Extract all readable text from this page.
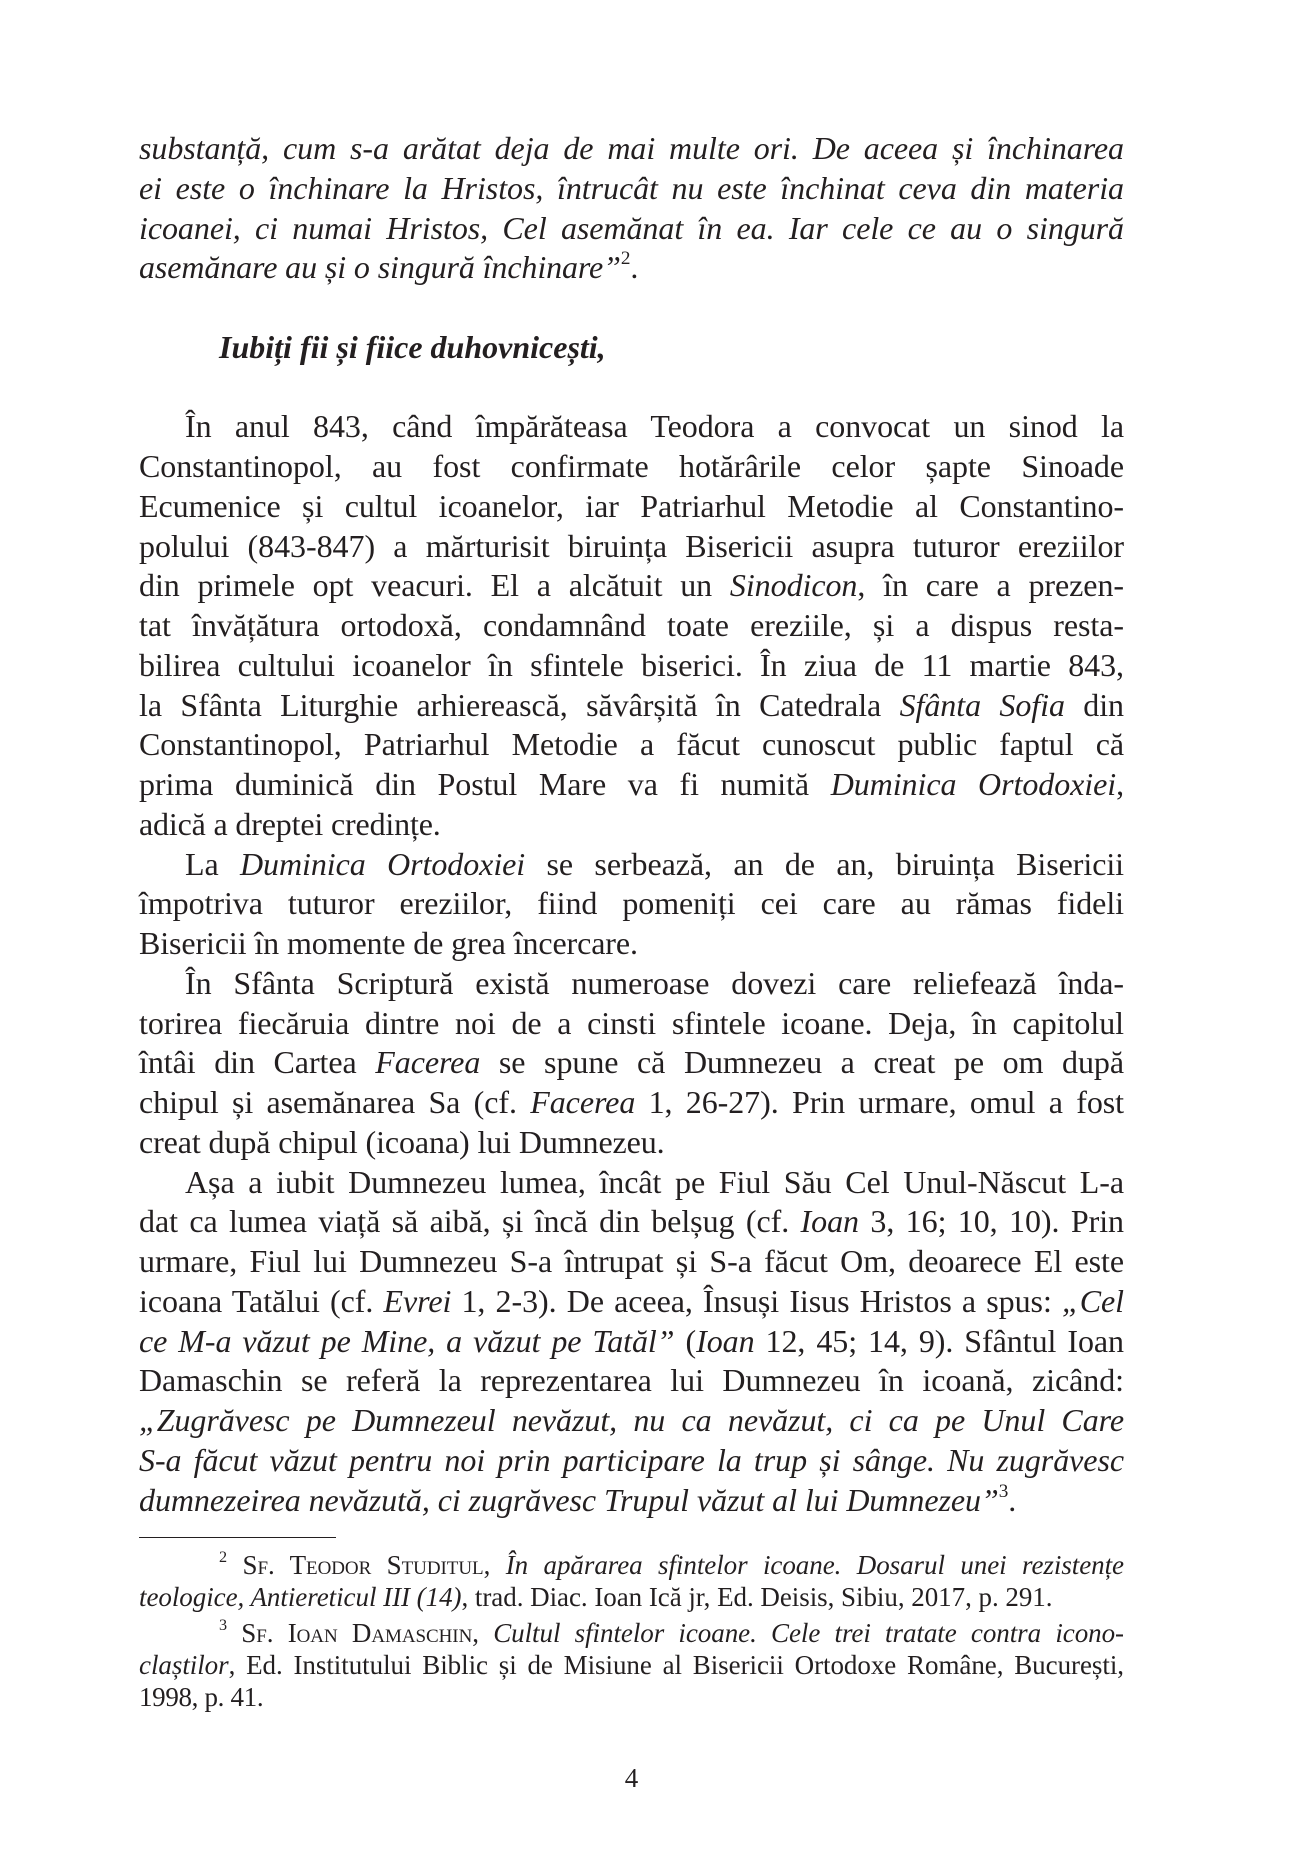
substanță, cum s-a arătat deja de mai multe ori. De aceea și închinarea
ei este o închinare la Hristos, întrucât nu este închinat ceva din materia
icoanei, ci numai Hristos, Cel asemănat în ea. Iar cele ce au o singură
asemănare au și o singură închinare”$^2$.
Iubiți fii și fiice duhovnicești,
În anul 843, când împărăteasa Teodora a convocat un sinod la
Constantinopol, au fost confirmate hotărârile celor șapte Sinoade
Ecumenice și cultul icoanelor, iar Patriarhul Metodie al Constantino-
polului (843-847) a mărturisit biruința Bisericii asupra tuturor ereziilor
din primele opt veacuri. El a alcătuit un Sinodicon, în care a prezen-
tat învățătura ortodoxă, condamnând toate ereziile, și a dispus resta-
bilirea cultului icoanelor în sfintele biserici. În ziua de 11 martie 843,
la Sfânta Liturghie arhierească, săvârșită în Catedrala Sfânta Sofia din
Constantinopol, Patriarhul Metodie a făcut cunoscut public faptul că
prima duminică din Postul Mare va fi numită Duminica Ortodoxiei,
adică a dreptei credințe.
La Duminica Ortodoxiei se serbează, an de an, biruința Bisericii
împotriva tuturor ereziilor, fiind pomeniți cei care au rămas fideli
Bisericii în momente de grea încercare.
În Sfânta Scriptură există numeroase dovezi care reliefează înda-
torirea fiecăruia dintre noi de a cinsti sfintele icoane. Deja, în capitolul
întâi din Cartea Facerea se spune că Dumnezeu a creat pe om după
chipul și asemănarea Sa (cf. Facerea 1, 26-27). Prin urmare, omul a fost
creat după chipul (icoana) lui Dumnezeu.
Așa a iubit Dumnezeu lumea, încât pe Fiul Său Cel Unul-Născut L-a
dat ca lumea viață să aibă, și încă din belșug (cf. Ioan 3, 16; 10, 10). Prin
urmare, Fiul lui Dumnezeu S-a întrupat și S-a făcut Om, deoarece El este
icoana Tatălui (cf. Evrei 1, 2-3). De aceea, Însuși Iisus Hristos a spus: „Cel
ce M-a văzut pe Mine, a văzut pe Tatăl” (Ioan 12, 45; 14, 9). Sfântul Ioan
Damaschin se referă la reprezentarea lui Dumnezeu în icoană, zicând:
„Zugrăvesc pe Dumnezeul nevăzut, nu ca nevăzut, ci ca pe Unul Care
S-a făcut văzut pentru noi prin participare la trup și sânge. Nu zugrăvesc
dumnezeirea nevăzută, ci zugrăvesc Trupul văzut al lui Dumnezeu”$^3$.
$^2$ Sf. Teodor Studitul, În apărarea sfintelor icoane. Dosarul unei rezistențe
teologice, Antiereticul III (14), trad. Diac. Ioan Ică jr, Ed. Deisis, Sibiu, 2017, p. 291.
$^3$ Sf. Ioan Damaschin, Cultul sfintelor icoane. Cele trei tratate contra icono-
claștilor, Ed. Institutului Biblic și de Misiune al Bisericii Ortodoxe Române, București,
1998, p. 41.
4
